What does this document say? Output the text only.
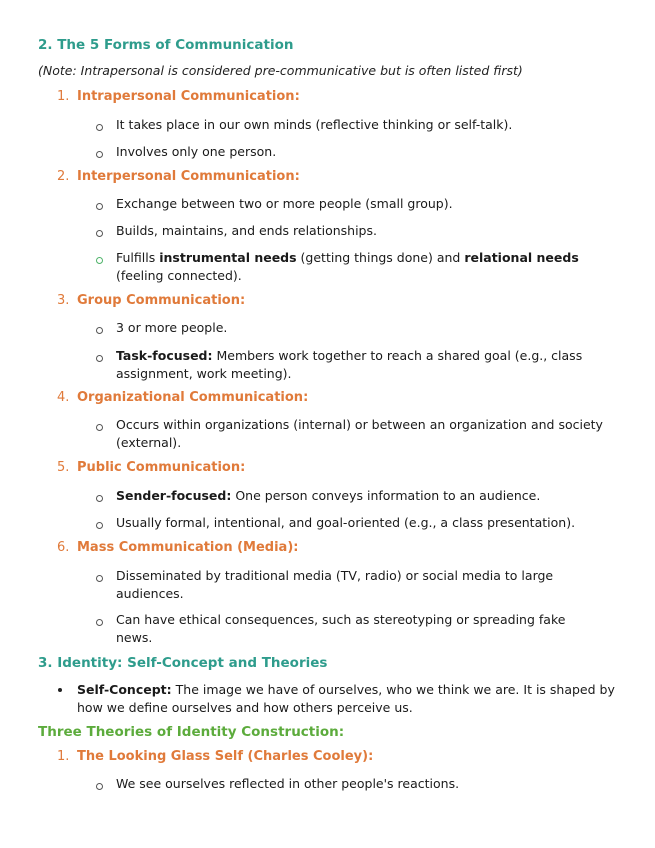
2. The 5 Forms of Communication
(Note: Intrapersonal is considered pre-communicative but is often listed first)
1. Intrapersonal Communication:
It takes place in our own minds (reflective thinking or self-talk).
Involves only one person.
2. Interpersonal Communication:
Exchange between two or more people (small group).
Builds, maintains, and ends relationships.
Fulfills instrumental needs (getting things done) and relational needs (feeling connected).
3. Group Communication:
3 or more people.
Task-focused: Members work together to reach a shared goal (e.g., class assignment, work meeting).
4. Organizational Communication:
Occurs within organizations (internal) or between an organization and society (external).
5. Public Communication:
Sender-focused: One person conveys information to an audience.
Usually formal, intentional, and goal-oriented (e.g., a class presentation).
6. Mass Communication (Media):
Disseminated by traditional media (TV, radio) or social media to large audiences.
Can have ethical consequences, such as stereotyping or spreading fake news.
3. Identity: Self-Concept and Theories
Self-Concept: The image we have of ourselves, who we think we are. It is shaped by how we define ourselves and how others perceive us.
Three Theories of Identity Construction:
1. The Looking Glass Self (Charles Cooley):
We see ourselves reflected in other people's reactions.
